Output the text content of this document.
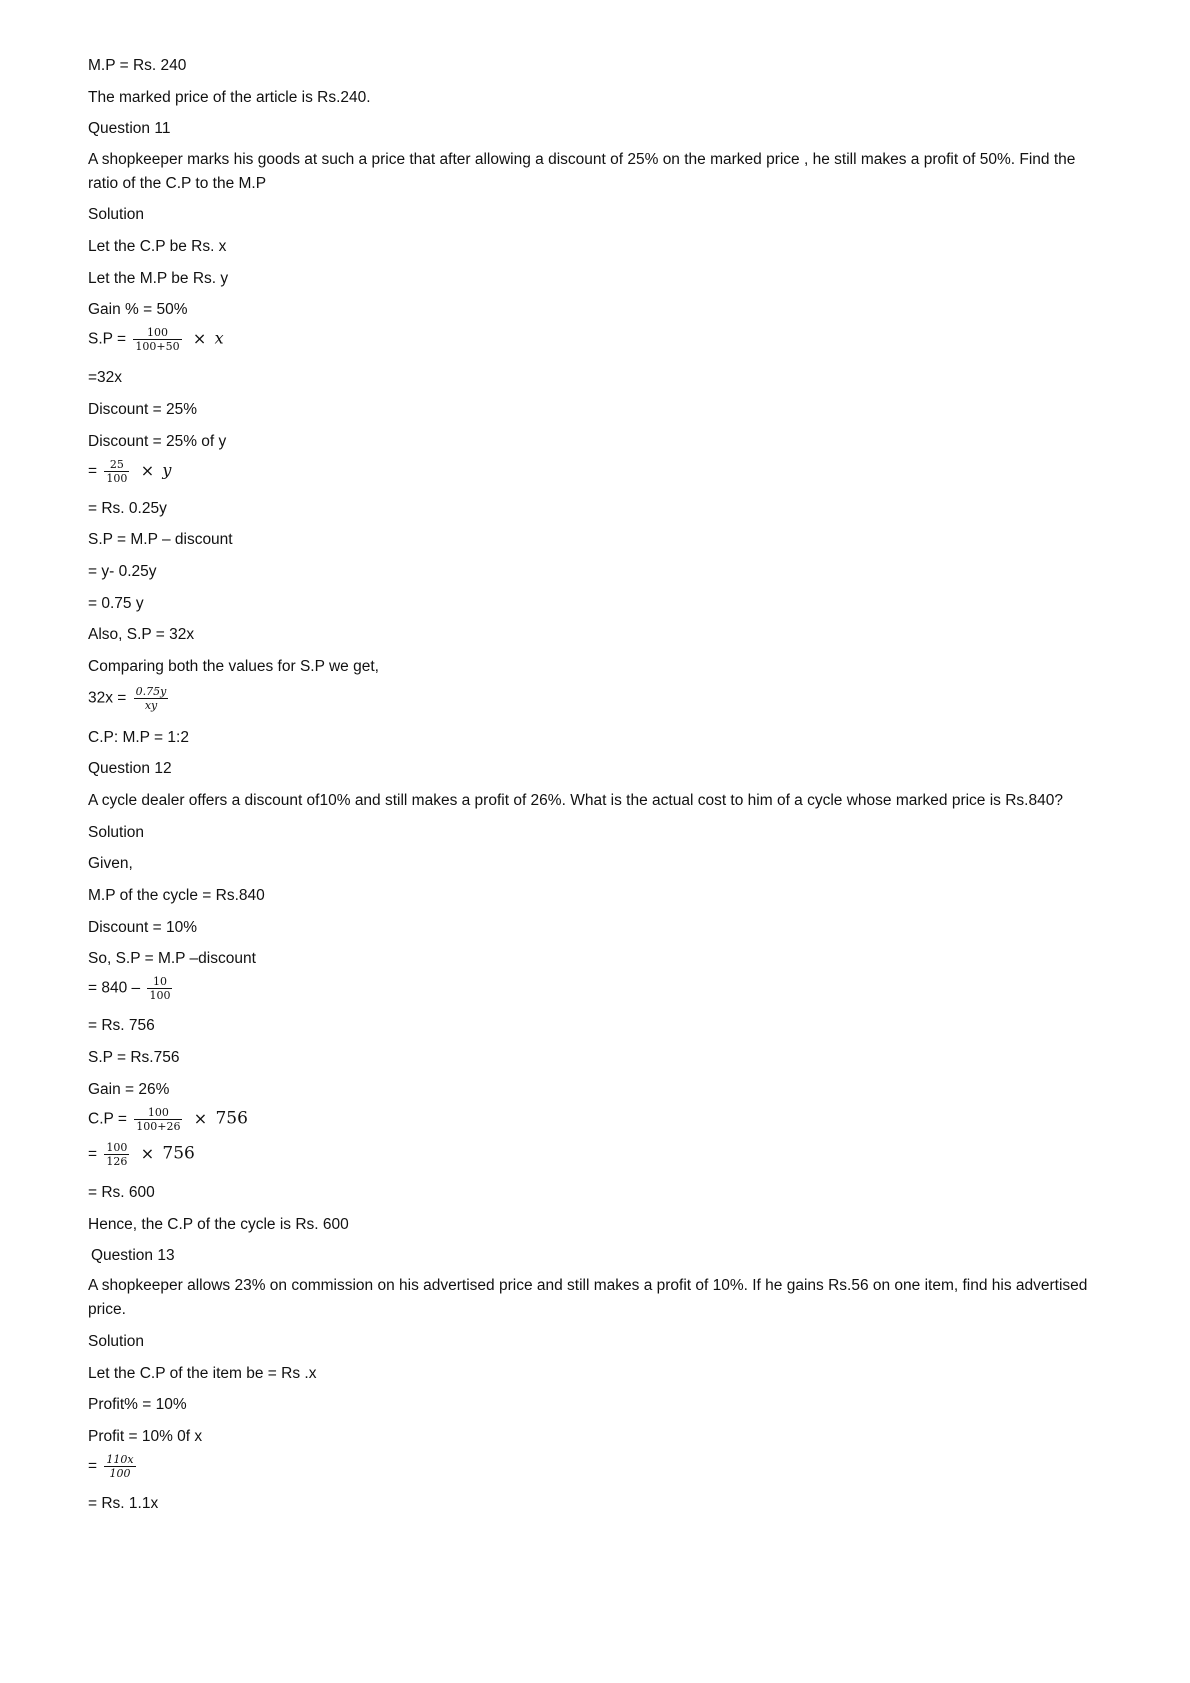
M.P = Rs. 240
The marked price of the article is Rs.240.
Question 11
A shopkeeper marks his goods at such a price that after allowing a discount of 25% on the marked price , he still makes a profit of 50%. Find the ratio of the C.P to the M.P
Solution
Let the C.P be Rs. x
Let the M.P be Rs. y
Gain % = 50%
$S.P = \frac{100}{100+50} \times x$
=32x
Discount = 25%
Discount = 25% of y
= $\frac{25}{100} \times y$
= Rs. 0.25y
S.P = M.P – discount
= y- 0.25y
= 0.75 y
Also, S.P = 32x
Comparing both the values for S.P we get,
$32x = \frac{0.75y}{xy}$
C.P: M.P = 1:2
Question 12
A cycle dealer offers a discount of10% and still makes a profit of 26%. What is the actual cost to him of a cycle whose marked price is Rs.840?
Solution
Given,
M.P of the cycle = Rs.840
Discount = 10%
So, S.P = M.P –discount
= $840 - \frac{10}{100}$
= Rs. 756
S.P = Rs.756
Gain = 26%
$C.P = \frac{100}{100+26} \times 756$
= $\frac{100}{126} \times 756$
= Rs. 600
Hence, the C.P of the cycle is Rs. 600
Question 13
A shopkeeper allows 23% on commission on his advertised price and still makes a profit of 10%. If he gains Rs.56 on one item, find his advertised price.
Solution
Let the C.P of the item be = Rs .x
Profit% = 10%
Profit = 10% 0f x
= $\frac{110x}{100}$
= Rs. 1.1x
